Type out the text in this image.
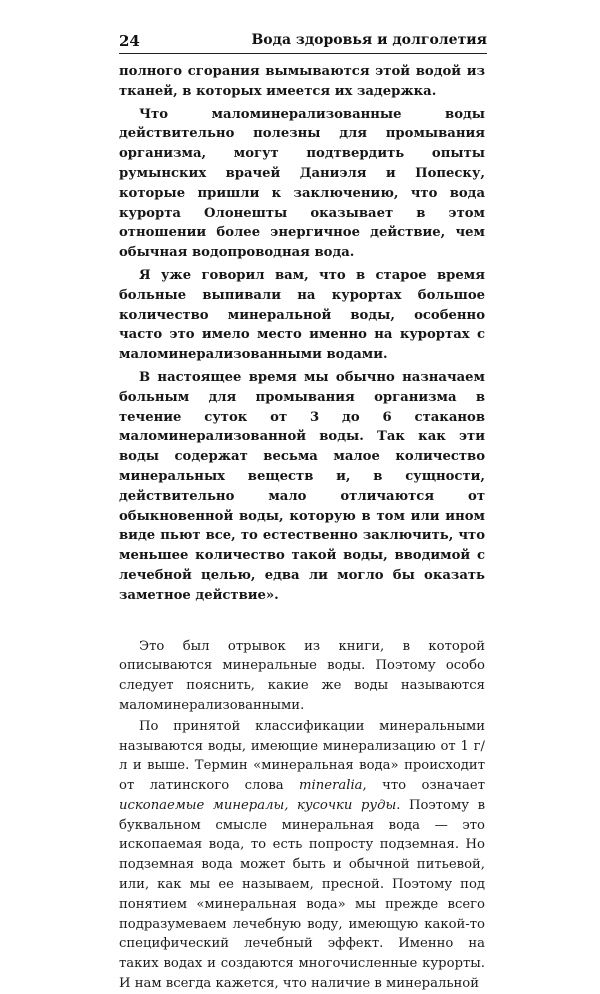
24	Вода здоровья и долголетия

полного сгорания вымываются этой водой из тканей, в которых имеется их задержка.

Что маломинерализованные воды действительно полезны для промывания организма, могут подтвердить опыты румынских врачей Даниэля и Попеску, которые пришли к заключению, что вода курорта Олонешты оказывает в этом отношении более энергичное действие, чем обычная водопроводная вода.

Я уже говорил вам, что в старое время больные выпивали на курортах большое количество минеральной воды, особенно часто это имело место именно на курортах с маломинерализованными водами.

В настоящее время мы обычно назначаем больным для промывания организма в течение суток от 3 до 6 стаканов маломинерализованной воды. Так как эти воды содержат весьма малое количество минеральных веществ и, в сущности, действительно мало отличаются от обыкновенной воды, которую в том или ином виде пьют все, то естественно заключить, что меньшее количество такой воды, вводимой с лечебной целью, едва ли могло бы оказать заметное действие».

Это был отрывок из книги, в которой описываются минеральные воды. Поэтому особо следует пояснить, какие же воды называются маломинерализованными.

По принятой классификации минеральными называются воды, имеющие минерализацию от 1 г/л и выше. Термин «минеральная вода» происходит от латинского слова mineralia, что означает ископаемые минералы, кусочки руды. Поэтому в буквальном смысле минеральная вода — это ископаемая вода, то есть попросту подземная. Но подземная вода может быть и обычной питьевой, или, как мы ее называем, пресной. Поэтому под понятием «минеральная вода» мы прежде всего подразумеваем лечебную воду, имеющую какой-то специфический лечебный эффект. Именно на таких водах и создаются многочисленные курорты. И нам всегда кажется, что наличие в минеральной
